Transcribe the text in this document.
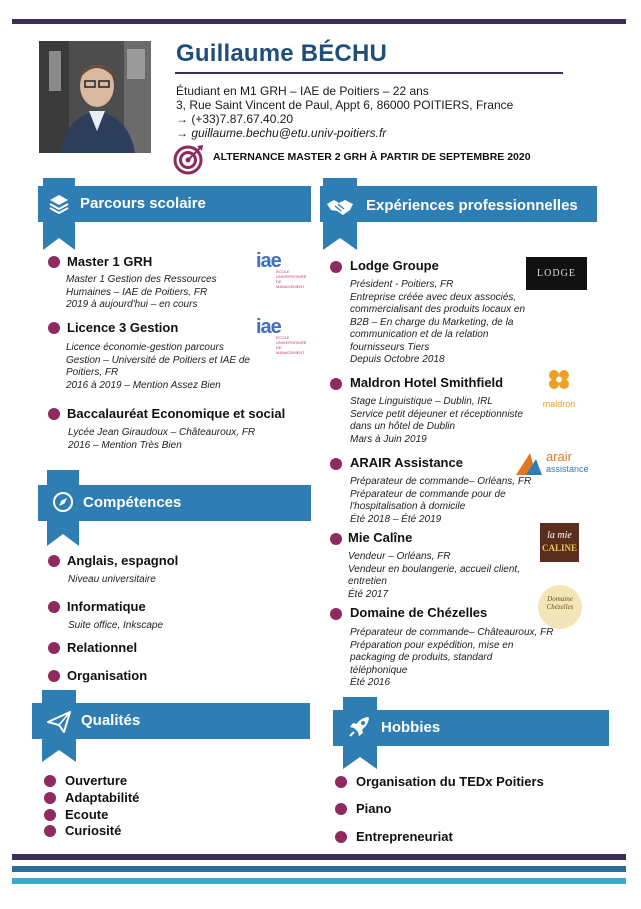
Guillaume BÉCHU
Étudiant en M1 GRH – IAE de Poitiers – 22 ans
3, Rue Saint Vincent de Paul, Appt 6, 86000 POITIERS, France
→ (+33)7.87.67.40.20
→ guillaume.bechu@etu.univ-poitiers.fr
ALTERNANCE MASTER 2 GRH À PARTIR DE SEPTEMBRE 2020
Parcours scolaire
Master 1 GRH
Master 1 Gestion des Ressources
Humaines – IAE de Poitiers, FR
2019 à aujourd'hui – en cours
iae
ÉCOLE UNIVERSITAIRE DE MANAGEMENT
Licence 3 Gestion
Licence économie-gestion parcours
Gestion – Université de Poitiers et IAE de
Poitiers, FR
2016 à 2019 – Mention Assez Bien
iae
ÉCOLE UNIVERSITAIRE DE MANAGEMENT
Baccalauréat Economique et social
Lycée Jean Giraudoux – Châteauroux, FR
2016 – Mention Très Bien
Compétences
Anglais, espagnol
Niveau universitaire
Informatique
Suite office, Inkscape
Relationnel
Organisation
Qualités
Ouverture
Adaptabilité
Ecoute
Curiosité
Expériences professionnelles
Lodge Groupe
Président - Poitiers, FR
Entreprise créée avec deux associés,
commercialisant des produits locaux en
B2B – En charge du Marketing, de la
communication et de la relation
fournisseurs Tiers
Depuis Octobre 2018
LODGE
Maldron Hotel Smithfield
Stage Linguistique – Dublin, IRL
Service petit déjeuner et réceptionniste
dans un hôtel de Dublin
Mars à Juin 2019
maldron
ARAIR Assistance
Préparateur de commande– Orléans, FR
Préparateur de commande pour de
l'hospitalisation à domicile
Été 2018 – Été 2019
arair
assistance
Mie Calîne
Vendeur – Orléans, FR
Vendeur en boulangerie, accueil client,
entretien
Été 2017
la mie
CALINE
Domaine de Chézelles
Préparateur de commande– Châteauroux, FR
Préparation pour expédition, mise en
packaging de produits, standard
téléphonique
Été 2016
Domaine
Chézelles
Hobbies
Organisation du TEDx Poitiers
Piano
Entrepreneuriat
